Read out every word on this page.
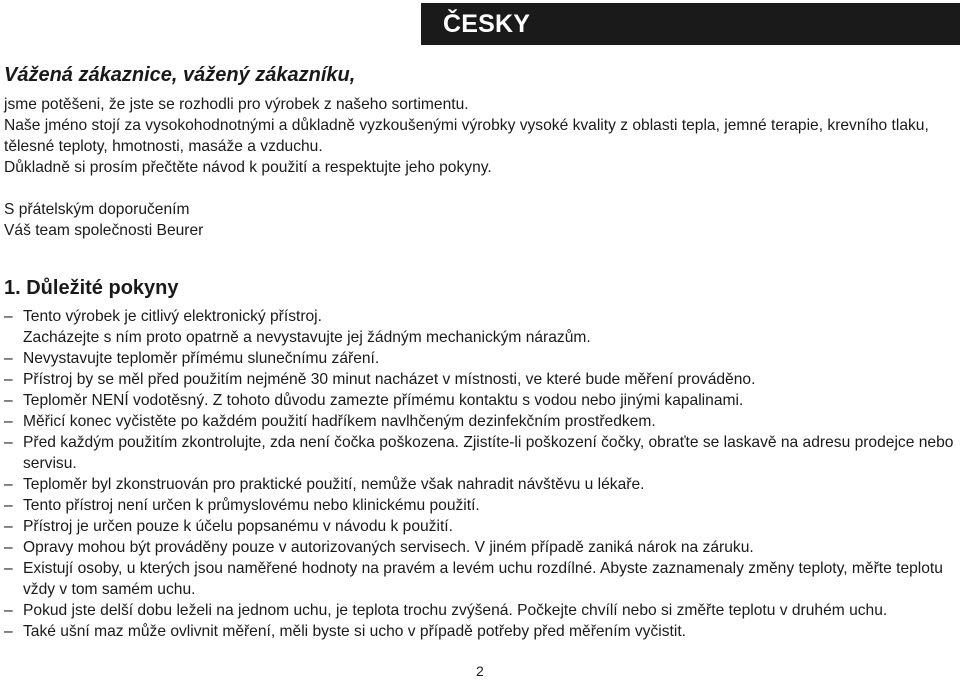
ČESKY
Vážená zákaznice, vážený zákazníku,

jsme potěšeni, že jste se rozhodli pro výrobek z našeho sortimentu.

Naše jméno stojí za vysokohodnotnými a důkladně vyzkoušenými výrobky vysoké kvality z oblasti tepla, jemné terapie, krevního tlaku, tělesné teploty, hmotnosti, masáže a vzduchu.

Důkladně si prosím přečtěte návod k použití a respektujte jeho pokyny.

S přátelským doporučením

Váš team společnosti Beurer

1. Důležité pokyny
– Tento výrobek je citlivý elektronický přístroj.
Zacházejte s ním proto opatrně a nevystavujte jej žádným mechanickým nárazům.
– Nevystavujte teploměr přímému slunečnímu záření.
– Přístroj by se měl před použitím nejméně 30 minut nacházet v místnosti, ve které bude měření prováděno.
– Teploměr NENÍ vodotěsný. Z tohoto důvodu zamezte přímému kontaktu s vodou nebo jinými kapalinami.
– Měřicí konec vyčistěte po každém použití hadříkem navlhčeným dezinfekčním prostředkem.
– Před každým použitím zkontrolujte, zda není čočka poškozena. Zjistíte-li poškození čočky, obraťte se laskavě na adresu prodejce nebo servisu.
– Teploměr byl zkonstruován pro praktické použití, nemůže však nahradit návštěvu u lékaře.
– Tento přístroj není určen k průmyslovému nebo klinickému použití.
– Přístroj je určen pouze k účelu popsanému v návodu k použití.
– Opravy mohou být prováděny pouze v autorizovaných servisech. V jiném případě zaniká nárok na záruku.
– Existují osoby, u kterých jsou naměřené hodnoty na pravém a levém uchu rozdílné. Abyste zaznamenaly změny teploty, měřte teplotu vždy v tom samém uchu.
– Pokud jste delší dobu leželi na jednom uchu, je teplota trochu zvýšená. Počkejte chvílí nebo si změřte teplotu v druhém uchu.
– Také ušní maz může ovlivnit měření, měli byste si ucho v případě potřeby před měřením vyčistit.
2
